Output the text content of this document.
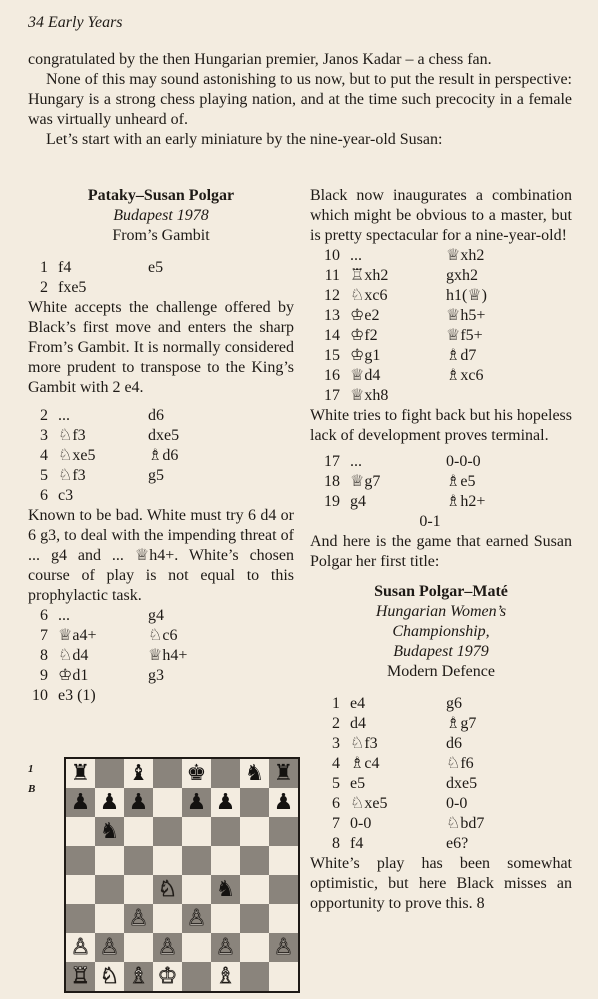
34 Early Years

congratulated by the then Hungarian premier, Janos Kadar – a chess fan.

None of this may sound astonishing to us now, but to put the result in perspective: Hungary is a strong chess playing nation, and at the time such precocity in a female was virtually unheard of.

Let’s start with an early miniature by the nine-year-old Susan:

Pataky–Susan Polgar
Budapest 1978
From’s Gambit
1 f4	e5
2 fxe5
White accepts the challenge offered by Black’s first move and enters the sharp From’s Gambit. It is normally considered more prudent to transpose to the King’s Gambit with 2 e4.
2 ...	d6
3 ♘f3	dxe5
4 ♘xe5	♗d6
5 ♘f3	g5
6 c3
Known to be bad. White must try 6 d4 or 6 g3, to deal with the impending threat of ... g4 and ... ♕h4+. White’s chosen course of play is not equal to this prophylactic task.
6 ...	g4
7 ♕a4+	♘c6
8 ♘d4	♕h4+
9 ♔d1	g3
10 e3 (1)
1
B
♜ ♝ ♚ ♞ ♜
♟ ♟ ♟ ♟ ♟ ♟
♞
♘ ♞
♙ ♙
♙ ♙ ♙ ♙ ♙
♖ ♘ ♗ ♔ ♗
Black now inaugurates a combination which might be obvious to a master, but is pretty spectacular for a nine-year-old!
10 ...	♕xh2
11 ♖xh2	gxh2
12 ♘xc6	h1(♕)
13 ♔e2	♕h5+
14 ♔f2	♕f5+
15 ♔g1	♗d7
16 ♕d4	♗xc6
17 ♕xh8
White tries to fight back but his hopeless lack of development proves terminal.
17 ...	0-0-0
18 ♕g7	♗e5
19 g4	♗h2+
0-1
And here is the game that earned Susan Polgar her first title:
Susan Polgar–Maté
Hungarian Women’s
Championship,
Budapest 1979
Modern Defence
1 e4	g6
2 d4	♗g7
3 ♘f3	d6
4 ♗c4	♘f6
5 e5	dxe5
6 ♘xe5	0-0
7 0-0	♘bd7
8 f4	e6?
White’s play has been somewhat optimistic, but here Black misses an opportunity to prove this. 8
